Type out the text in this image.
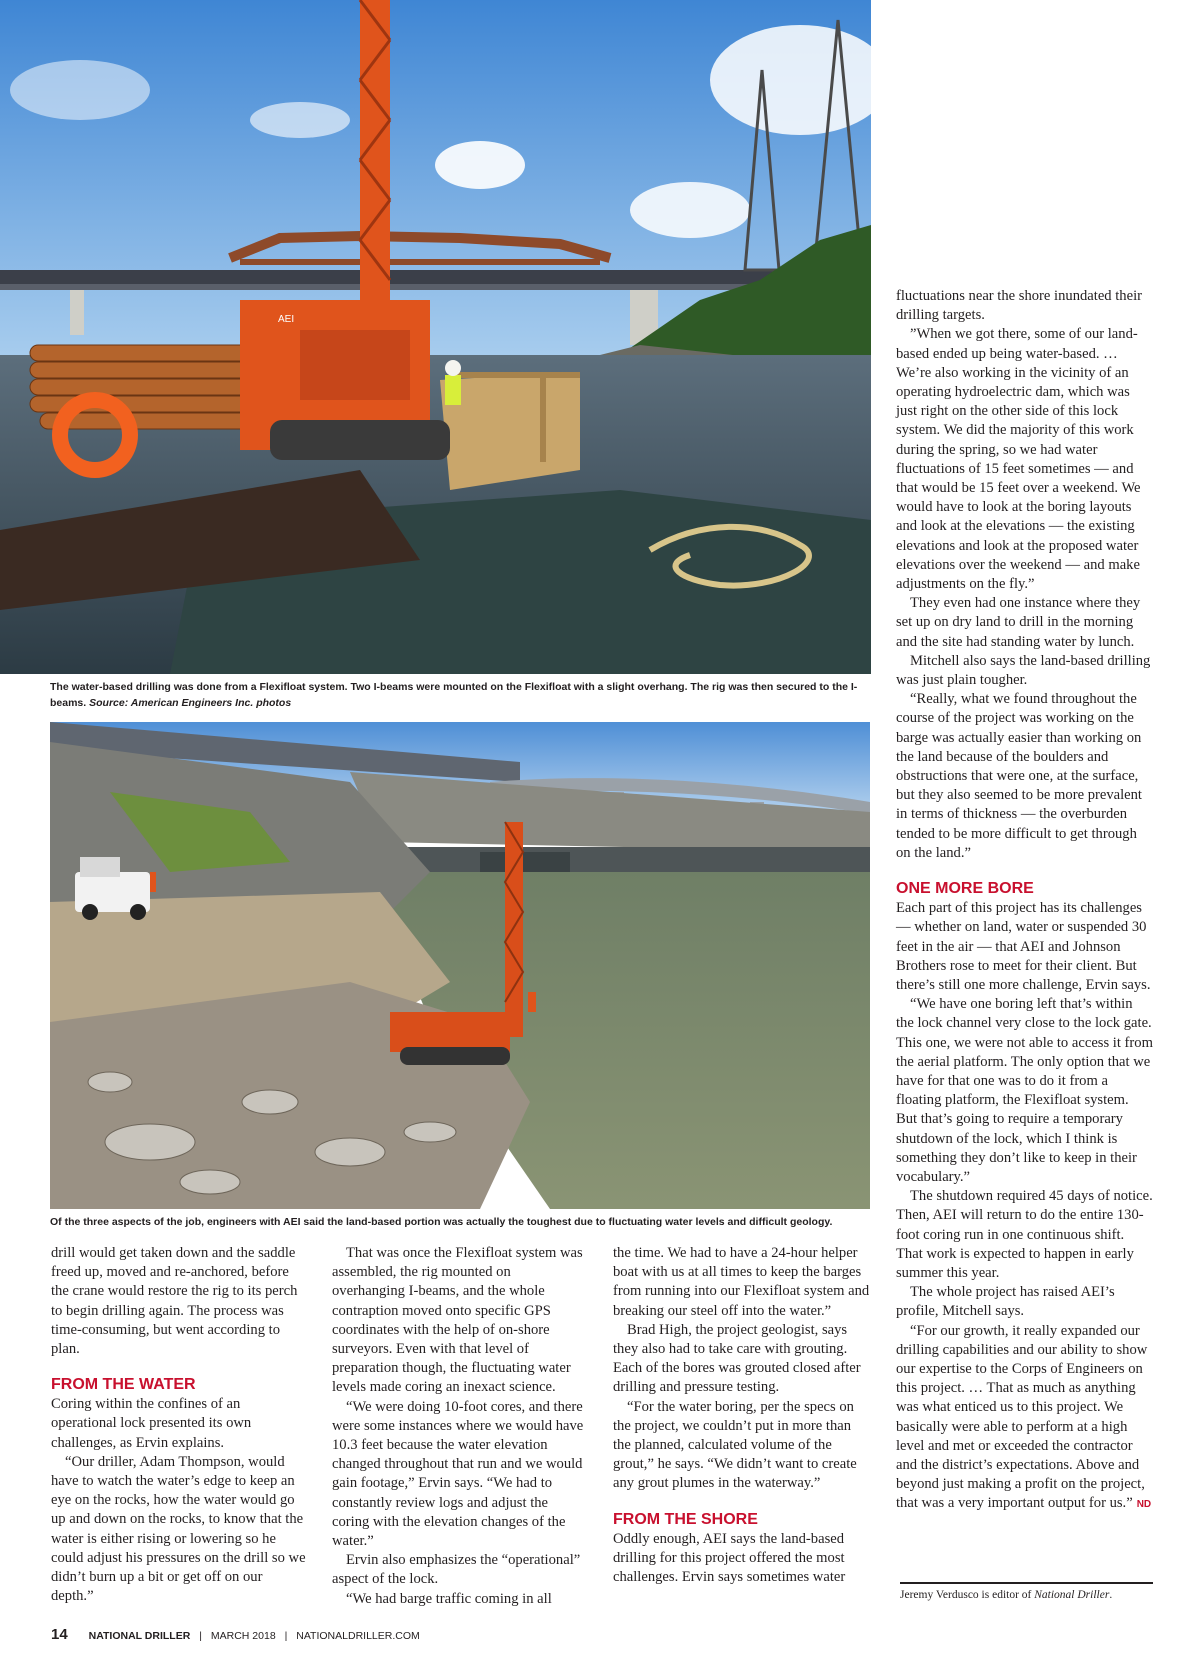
AEI
The water-based drilling was done from a Flexifloat system. Two I-beams were mounted on the Flexifloat with a slight overhang. The rig was then secured to the I-beams. Source: American Engineers Inc. photos
Of the three aspects of the job, engineers with AEI said the land-based portion was actually the toughest due to fluctuating water levels and difficult geology.

drill would get taken down and the saddle freed up, moved and re-anchored, before the crane would restore the rig to its perch to begin drilling again. The process was time-consuming, but went according to plan.

FROM THE WATER

Coring within the confines of an operational lock presented its own challenges, as Ervin explains.

“Our driller, Adam Thompson, would have to watch the water’s edge to keep an eye on the rocks, how the water would go up and down on the rocks, to know that the water is either rising or lowering so he could adjust his pressures on the drill so we didn’t burn up a bit or get off on our depth.”

That was once the Flexifloat system was assembled, the rig mounted on overhanging I-beams, and the whole contraption moved onto specific GPS coordinates with the help of on-shore surveyors. Even with that level of preparation though, the fluctuating water levels made coring an inexact science.

“We were doing 10-foot cores, and there were some instances where we would have 10.3 feet because the water elevation changed throughout that run and we would gain footage,” Ervin says. “We had to constantly review logs and adjust the coring with the elevation changes of the water.”

Ervin also emphasizes the “operational” aspect of the lock.

“We had barge traffic coming in all

the time. We had to have a 24-hour helper boat with us at all times to keep the barges from running into our Flexifloat system and breaking our steel off into the water.”

Brad High, the project geologist, says they also had to take care with grouting. Each of the bores was grouted closed after drilling and pressure testing.

“For the water boring, per the specs on the project, we couldn’t put in more than the planned, calculated volume of the grout,” he says. “We didn’t want to create any grout plumes in the waterway.”

FROM THE SHORE

Oddly enough, AEI says the land-based drilling for this project offered the most challenges. Ervin says sometimes water

fluctuations near the shore inundated their drilling targets.

”When we got there, some of our land-based ended up being water-based. … We’re also working in the vicinity of an operating hydroelectric dam, which was just right on the other side of this lock system. We did the majority of this work during the spring, so we had water fluctuations of 15 feet sometimes — and that would be 15 feet over a weekend. We would have to look at the boring layouts and look at the elevations — the existing elevations and look at the proposed water elevations over the weekend — and make adjustments on the fly.”

They even had one instance where they set up on dry land to drill in the morning and the site had standing water by lunch.

Mitchell also says the land-based drilling was just plain tougher.

“Really, what we found throughout the course of the project was working on the barge was actually easier than working on the land because of the boulders and obstructions that were one, at the surface, but they also seemed to be more prevalent in terms of thickness — the overburden tended to be more difficult to get through on the land.”

ONE MORE BORE

Each part of this project has its challenges — whether on land, water or suspended 30 feet in the air — that AEI and Johnson Brothers rose to meet for their client. But there’s still one more challenge, Ervin says.

“We have one boring left that’s within the lock channel very close to the lock gate. This one, we were not able to access it from the aerial platform. The only option that we have for that one was to do it from a floating platform, the Flexifloat system. But that’s going to require a temporary shutdown of the lock, which I think is something they don’t like to keep in their vocabulary.”

The shutdown required 45 days of notice. Then, AEI will return to do the entire 130-foot coring run in one continuous shift. That work is expected to happen in early summer this year.

The whole project has raised AEI’s profile, Mitchell says.

“For our growth, it really expanded our drilling capabilities and our ability to show our expertise to the Corps of Engineers on this project. … That as much as anything was what enticed us to this project. We basically were able to perform at a high level and met or exceeded the contractor and the district’s expectations. Above and beyond just making a profit on the project, that was a very important output for us.” ND

Jeremy Verdusco is editor of National Driller.
14 NATIONAL DRILLER | MARCH 2018 | NATIONALDRILLER.COM
